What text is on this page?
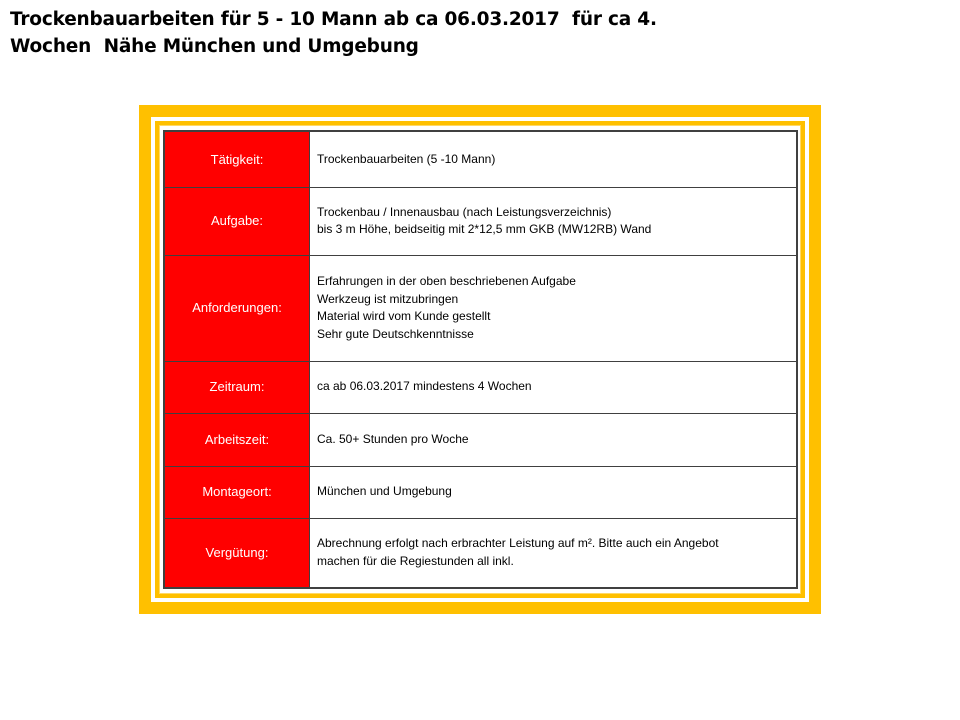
Trockenbauarbeiten für 5 - 10 Mann ab ca 06.03.2017  für ca 4.
Wochen  Nähe München und Umgebung
Tätigkeit:	Trockenbauarbeiten (5 -10 Mann)

Aufgabe:	Trockenbau / Innenausbau (nach Leistungsverzeichnis)
bis 3 m Höhe, beidseitig mit 2*12,5 mm GKB (MW12RB) Wand

Anforderungen:	Erfahrungen in der oben beschriebenen Aufgabe
Werkzeug ist mitzubringen
Material wird vom Kunde gestellt
Sehr gute Deutschkenntnisse

Zeitraum:	ca ab 06.03.2017 mindestens 4 Wochen

Arbeitszeit:	Ca. 50+ Stunden pro Woche

Montageort:	München und Umgebung

Vergütung:	Abrechnung erfolgt nach erbrachter Leistung auf m². Bitte auch ein Angebot
machen für die Regiestunden all inkl.
